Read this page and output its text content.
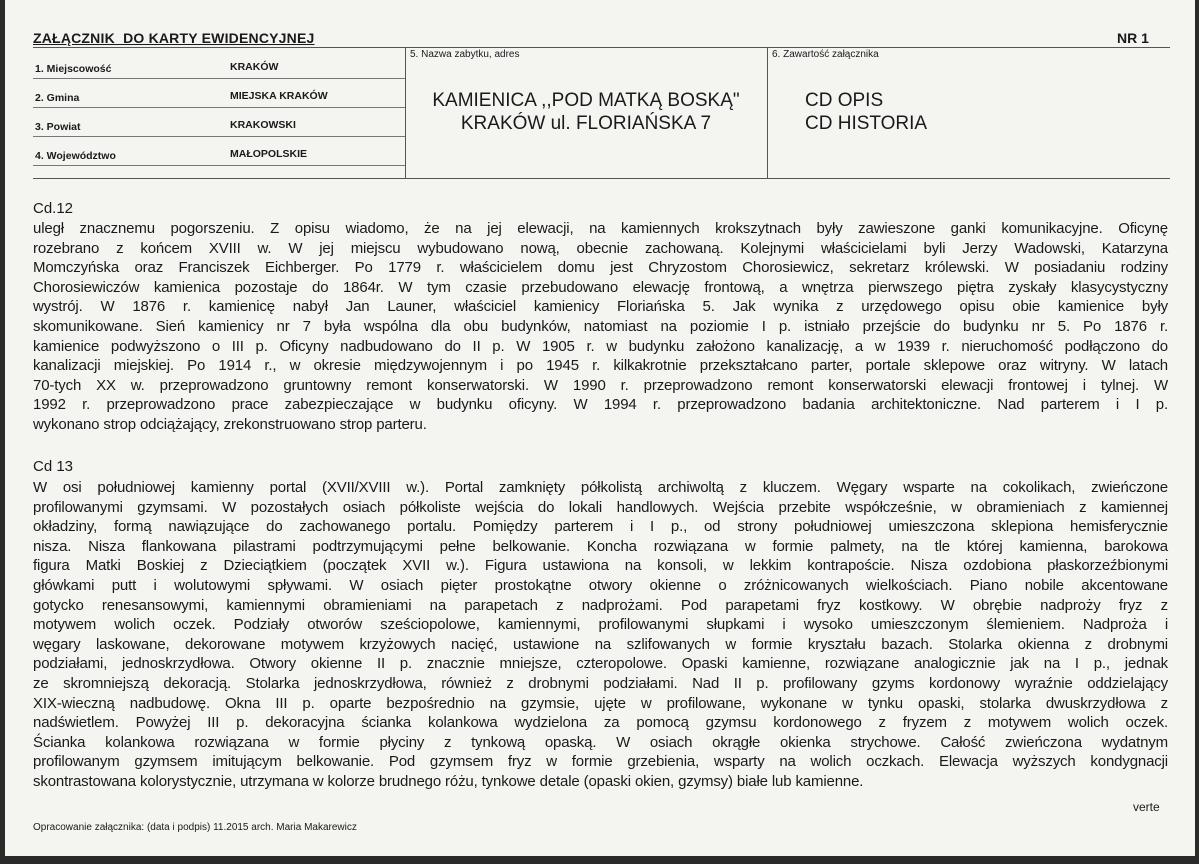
ZAŁĄCZNIK  DO KARTY EWIDENCYJNEJ	NR 1
1. Miejscowość	KRAKÓW
2. Gmina	MIEJSKA KRAKÓW
3. Powiat	KRAKOWSKI
4. Województwo	MAŁOPOLSKIE
5. Nazwa zabytku, adres
KAMIENICA ,,POD MATKĄ BOSKĄ"
KRAKÓW ul. FLORIAŃSKA 7
6. Zawartość załącznika
CD OPIS
CD HISTORIA
Cd.12
uległ znacznemu pogorszeniu. Z opisu wiadomo, że na jej elewacji, na kamiennych krokszytnach były zawieszone ganki komunikacyjne. Oficynę
rozebrano z końcem XVIII w. W jej miejscu wybudowano nową, obecnie zachowaną. Kolejnymi właścicielami byli Jerzy Wadowski, Katarzyna
Momczyńska oraz Franciszek Eichberger. Po 1779 r. właścicielem domu jest Chryzostom Chorosiewicz, sekretarz królewski. W posiadaniu rodziny
Chorosiewiczów kamienica pozostaje do 1864r. W tym czasie przebudowano elewację frontową, a wnętrza pierwszego piętra zyskały klasycystyczny
wystrój. W 1876 r. kamienicę nabył Jan Launer, właściciel kamienicy Floriańska 5. Jak wynika z urzędowego opisu obie kamienice były
skomunikowane. Sień kamienicy nr 7 była wspólna dla obu budynków, natomiast na poziomie I p. istniało przejście do budynku nr 5. Po 1876 r.
kamienice podwyższono o III p. Oficyny nadbudowano do II p. W 1905 r. w budynku założono kanalizację, a w 1939 r. nieruchomość podłączono do
kanalizacji miejskiej. Po 1914 r., w okresie międzywojennym i po 1945 r. kilkakrotnie przekształcano parter, portale sklepowe oraz witryny. W latach
70-tych XX w. przeprowadzono gruntowny remont konserwatorski. W 1990 r. przeprowadzono remont konserwatorski elewacji frontowej i tylnej. W
1992 r. przeprowadzono prace zabezpieczające w budynku oficyny. W 1994 r. przeprowadzono badania architektoniczne. Nad parterem i I p.
wykonano strop odciążający, zrekonstruowano strop parteru.
Cd 13
W osi południowej kamienny portal (XVII/XVIII w.). Portal zamknięty półkolistą archiwoltą z kluczem. Węgary wsparte na cokolikach, zwieńczone
profilowanymi gzymsami. W pozostałych osiach półkoliste wejścia do lokali handlowych. Wejścia przebite współcześnie, w obramieniach z kamiennej
okładziny, formą nawiązujące do zachowanego portalu. Pomiędzy parterem i I p., od strony południowej umieszczona sklepiona hemisferycznie
nisza. Nisza flankowana pilastrami podtrzymującymi pełne belkowanie. Koncha rozwiązana w formie palmety, na tle której kamienna, barokowa
figura Matki Boskiej z Dzieciątkiem (początek XVII w.). Figura ustawiona na konsoli, w lekkim kontrapoście. Nisza ozdobiona płaskorzeźbionymi
główkami putt i wolutowymi spływami. W osiach pięter prostokątne otwory okienne o zróżnicowanych wielkościach. Piano nobile akcentowane
gotycko renesansowymi, kamiennymi obramieniami na parapetach z nadprożami. Pod parapetami fryz kostkowy. W obrębie nadproży fryz z
motywem wolich oczek. Podziały otworów sześciopolowe, kamiennymi, profilowanymi słupkami i wysoko umieszczonym ślemieniem. Nadproża i
węgary laskowane, dekorowane motywem krzyżowych nacięć, ustawione na szlifowanych w formie kryształu bazach. Stolarka okienna z drobnymi
podziałami, jednoskrzydłowa. Otwory okienne II p. znacznie mniejsze, czteropolowe. Opaski kamienne, rozwiązane analogicznie jak na I p., jednak
ze skromniejszą dekoracją. Stolarka jednoskrzydłowa, również z drobnymi podziałami. Nad II p. profilowany gzyms kordonowy wyraźnie oddzielający
XIX-wieczną nadbudowę. Okna III p. oparte bezpośrednio na gzymsie, ujęte w profilowane, wykonane w tynku opaski, stolarka dwuskrzydłowa z
nadświetlem. Powyżej III p. dekoracyjna ścianka kolankowa wydzielona za pomocą gzymsu kordonowego z fryzem z motywem wolich oczek.
Ścianka kolankowa rozwiązana w formie płyciny z tynkową opaską. W osiach okrągłe okienka strychowe. Całość zwieńczona wydatnym
profilowanym gzymsem imitującym belkowanie. Pod gzymsem fryz w formie grzebienia, wsparty na wolich oczkach. Elewacja wyższych kondygnacji
skontrastowana kolorystycznie, utrzymana w kolorze brudnego różu, tynkowe detale (opaski okien, gzymsy) białe lub kamienne.
verte
Opracowanie załącznika: (data i podpis) 11.2015 arch. Maria Makarewicz
